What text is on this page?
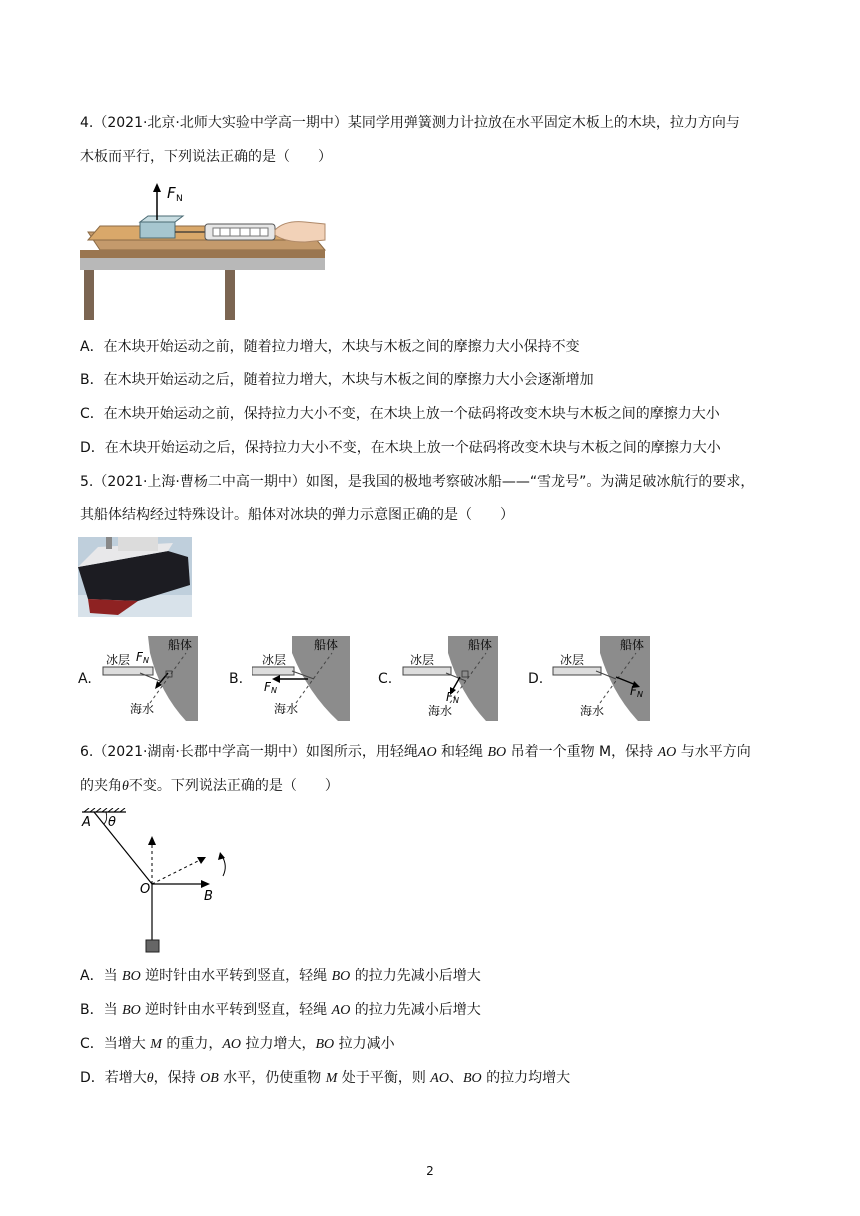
4.（2021·北京·北师大实验中学高一期中）某同学用弹簧测力计拉放在水平固定木板上的木块，拉力方向与
木板而平行，下列说法正确的是（　　）
F N
A．在木块开始运动之前，随着拉力增大，木块与木板之间的摩擦力大小保持不变
B．在木块开始运动之后，随着拉力增大，木块与木板之间的摩擦力大小会逐渐增加
C．在木块开始运动之前，保持拉力大小不变，在木块上放一个砝码将改变木块与木板之间的摩擦力大小
D．在木块开始运动之后，保持拉力大小不变，在木块上放一个砝码将改变木块与木板之间的摩擦力大小
5.（2021·上海·曹杨二中高一期中）如图，是我国的极地考察破冰船——“雪龙号”。为满足破冰航行的要求，
其船体结构经过特殊设计。船体对冰块的弹力示意图正确的是（　　）
A.
船体
冰层 F N
海水
B.
船体
冰层
F N
海水
C.
船体
冰层
F N
海水
D.
船体
冰层
F N
海水
6.（2021·湖南·长郡中学高一期中）如图所示，用轻绳AO 和轻绳 BO 吊着一个重物 M，保持 AO 与水平方向
的夹角θ不变。下列说法正确的是（　　）
A θ
B
O
A．当 BO 逆时针由水平转到竖直，轻绳 BO 的拉力先减小后增大
B．当 BO 逆时针由水平转到竖直，轻绳 AO 的拉力先减小后增大
C．当增大 M 的重力，AO 拉力增大，BO 拉力减小
D．若增大θ，保持 OB 水平，仍使重物 M 处于平衡，则 AO、BO 的拉力均增大
2
